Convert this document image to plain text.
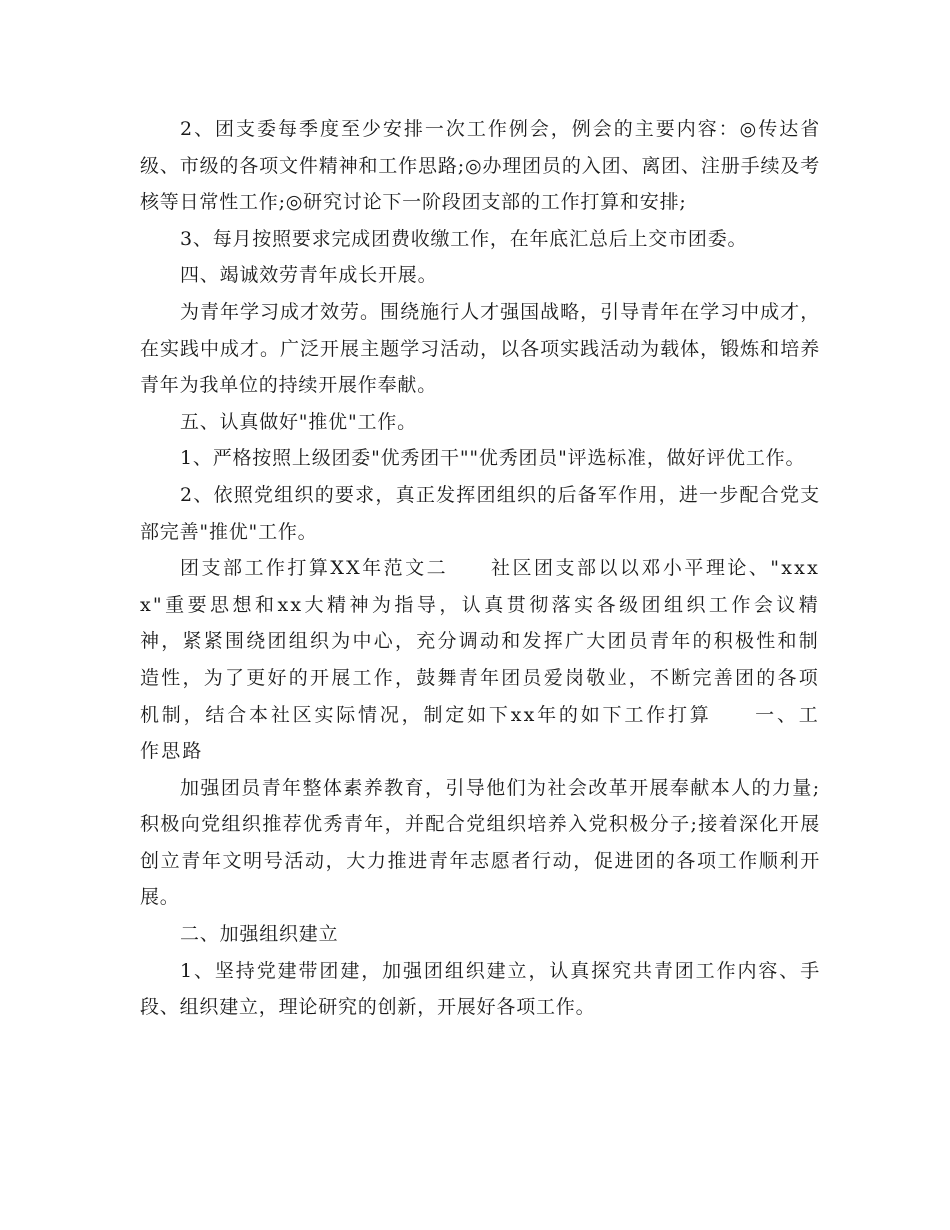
2、团支委每季度至少安排一次工作例会，例会的主要内容：◎传达省级、市级的各项文件精神和工作思路;◎办理团员的入团、离团、注册手续及考核等日常性工作;◎研究讨论下一阶段团支部的工作打算和安排;

3、每月按照要求完成团费收缴工作，在年底汇总后上交市团委。

四、竭诚效劳青年成长开展。

为青年学习成才效劳。围绕施行人才强国战略，引导青年在学习中成才，在实践中成才。广泛开展主题学习活动，以各项实践活动为载体，锻炼和培养青年为我单位的持续开展作奉献。

五、认真做好"推优"工作。

1、严格按照上级团委"优秀团干""优秀团员"评选标准，做好评优工作。

2、依照党组织的要求，真正发挥团组织的后备军作用，进一步配合党支部完善"推优"工作。

团支部工作打算XX年范文二　　社区团支部以以邓小平理论、"xxxx"重要思想和xx大精神为指导，认真贯彻落实各级团组织工作会议精神，紧紧围绕团组织为中心，充分调动和发挥广大团员青年的积极性和制造性，为了更好的开展工作，鼓舞青年团员爱岗敬业，不断完善团的各项机制，结合本社区实际情况，制定如下xx年的如下工作打算　　一、工作思路

加强团员青年整体素养教育，引导他们为社会改革开展奉献本人的力量;积极向党组织推荐优秀青年，并配合党组织培养入党积极分子;接着深化开展创立青年文明号活动，大力推进青年志愿者行动，促进团的各项工作顺利开展。

二、加强组织建立

1、坚持党建带团建，加强团组织建立，认真探究共青团工作内容、手段、组织建立，理论研究的创新，开展好各项工作。
